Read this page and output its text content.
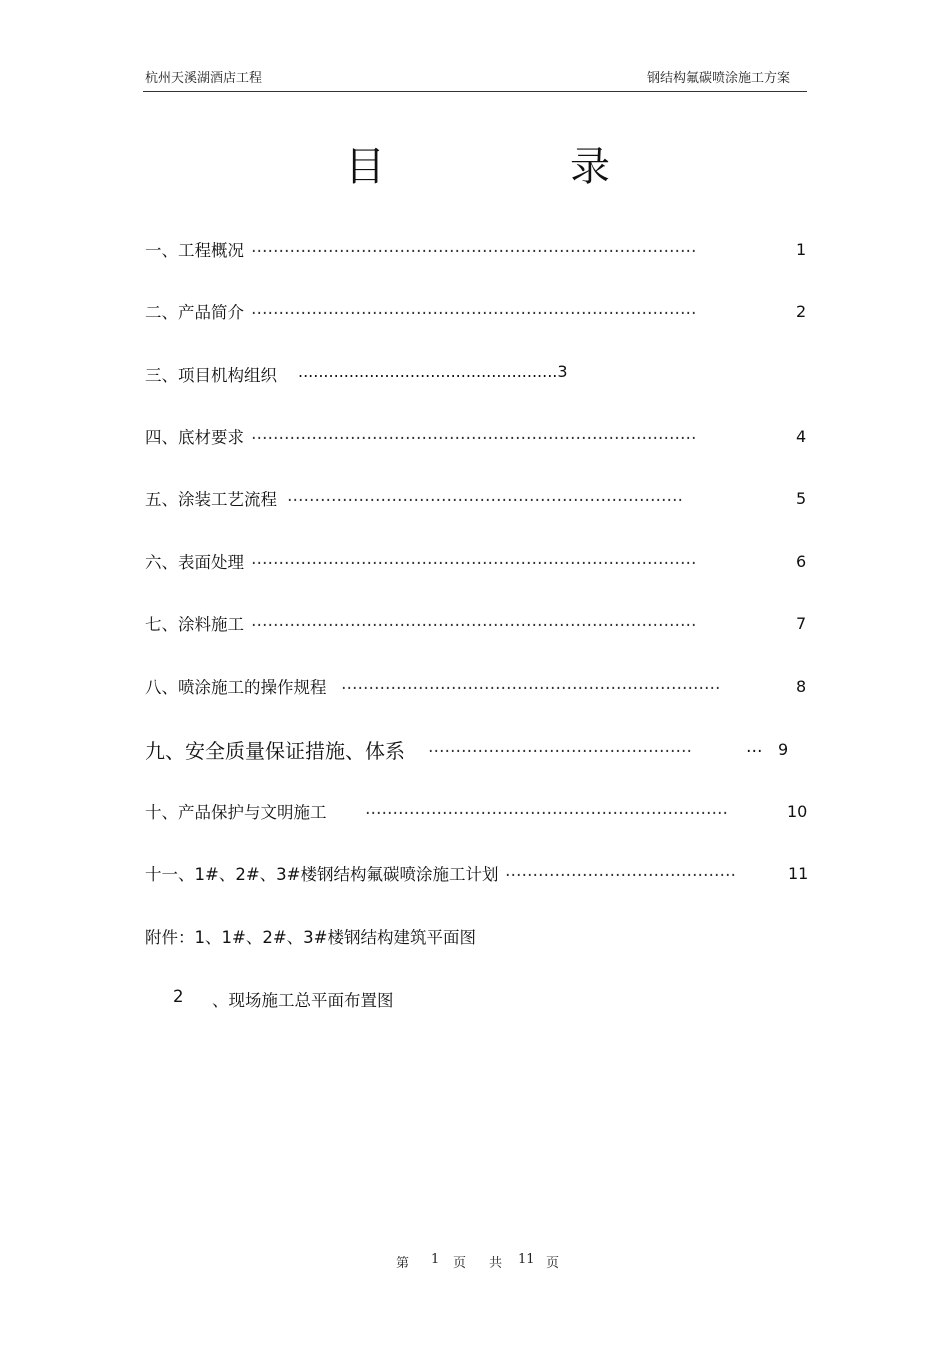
杭州天溪湖酒店工程	钢结构氟碳喷涂施工方案
目	录
一、工程概况 ………………………………………………………………………	1
二、产品简介 ………………………………………………………………………	2
三、项目机构组织 ...................................................3
四、底材要求 ………………………………………………………………………	4
五、涂装工艺流程 ………………………………………………………………	5
六、表面处理 ………………………………………………………………………	6
七、涂料施工 ………………………………………………………………………	7
八、喷涂施工的操作规程 ……………………………………………………………	8
九、安全质量保证措施、体系 …………………………………………	… 9
十、产品保护与文明施工 …………………………………………………………	10
十一、1#、2#、3#楼钢结构氟碳喷涂施工计划 ……………………………………	11
附件：1、1#、2#、3#楼钢结构建筑平面图
2 、现场施工总平面布置图
第 1 页 共 11 页
